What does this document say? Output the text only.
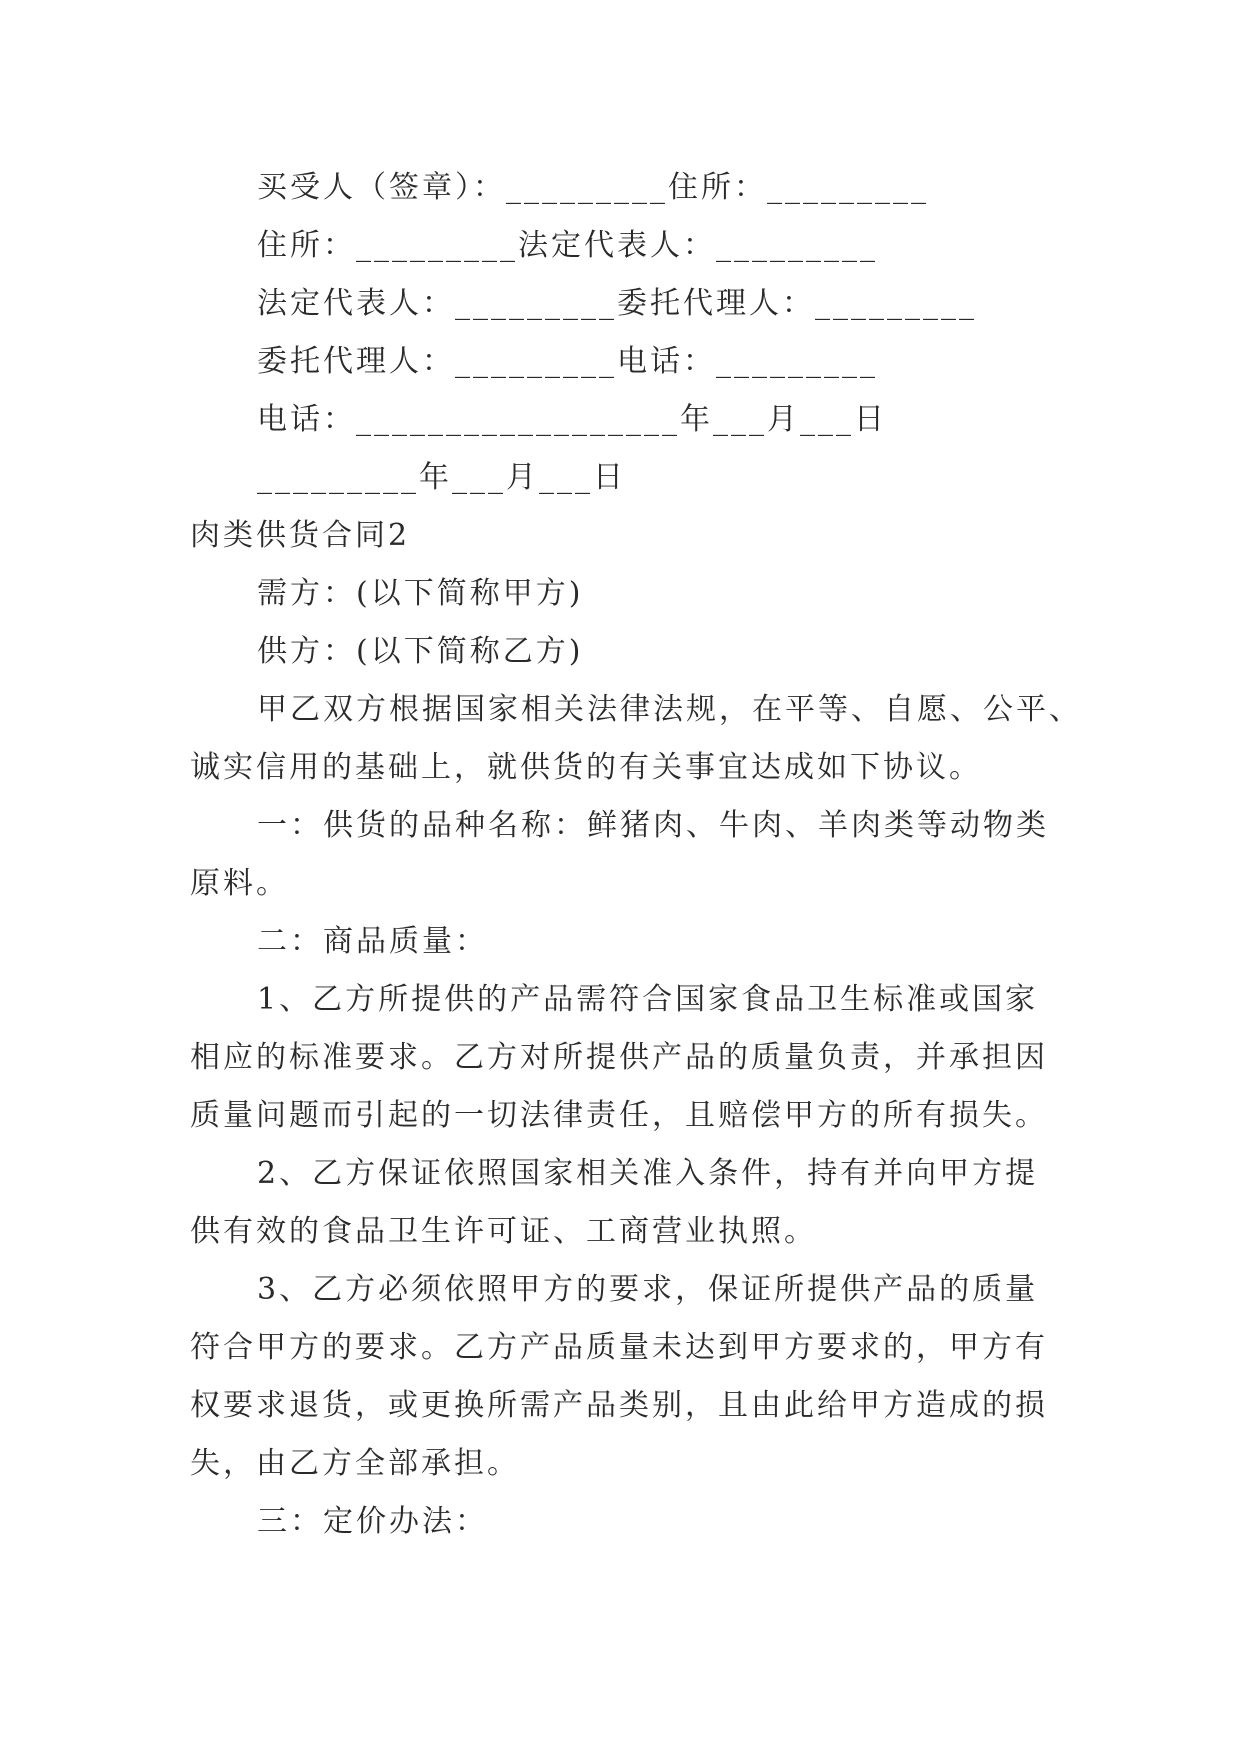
买受人（签章）：_________住所：_________
住所：_________法定代表人：_________
法定代表人：_________委托代理人：_________
委托代理人：_________电话：_________
电话：__________________年___月___日
_________年___月___日
肉类供货合同2
需方：(以下简称甲方)
供方：(以下简称乙方)
甲乙双方根据国家相关法律法规，在平等、自愿、公平、
诚实信用的基础上，就供货的有关事宜达成如下协议。
一：供货的品种名称：鲜猪肉、牛肉、羊肉类等动物类
原料。
二：商品质量：
1、乙方所提供的产品需符合国家食品卫生标准或国家
相应的标准要求。乙方对所提供产品的质量负责，并承担因
质量问题而引起的一切法律责任，且赔偿甲方的所有损失。
2、乙方保证依照国家相关准入条件，持有并向甲方提
供有效的食品卫生许可证、工商营业执照。
3、乙方必须依照甲方的要求，保证所提供产品的质量
符合甲方的要求。乙方产品质量未达到甲方要求的，甲方有
权要求退货，或更换所需产品类别，且由此给甲方造成的损
失，由乙方全部承担。
三：定价办法：
